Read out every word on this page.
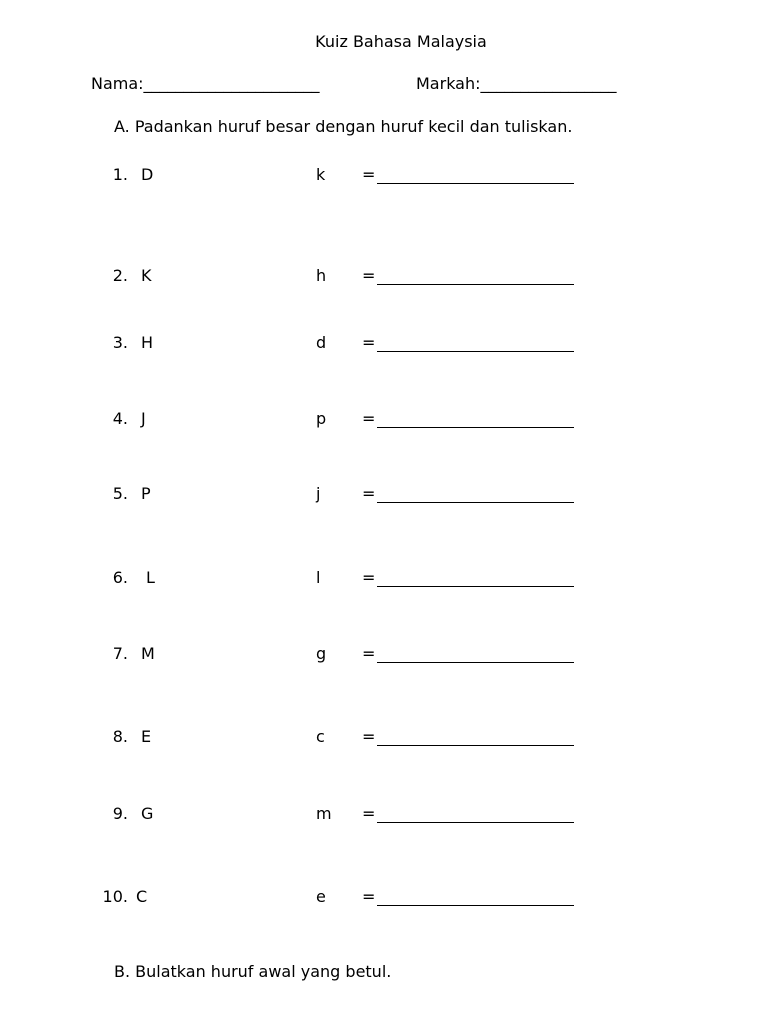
Kuiz Bahasa Malaysia
Nama:______________________	Markah:_________________
A. Padankan huruf besar dengan huruf kecil dan tuliskan.
1. D	k =
2. K	h =
3. H	d =
4. J	p =
5. P	j	=
6. L	l	=
7. M	g =
8. E	c =
9. G	m =
10. C	e =
B. Bulatkan huruf awal yang betul.
